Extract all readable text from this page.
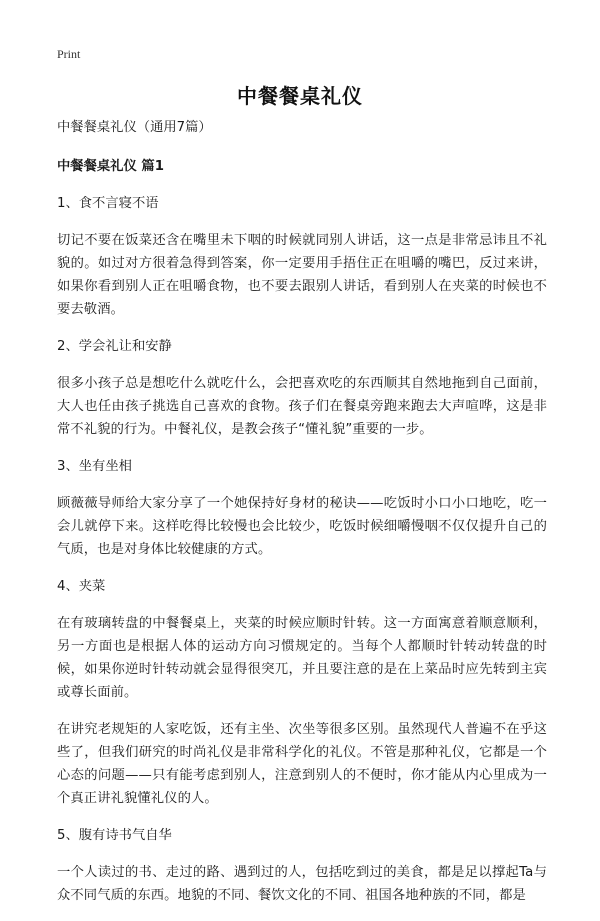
Print
中餐餐桌礼仪
中餐餐桌礼仪（通用7篇）
中餐餐桌礼仪 篇1
1、食不言寝不语
切记不要在饭菜还含在嘴里未下咽的时候就同别人讲话，这一点是非常忌讳且不礼貌的。如过对方很着急得到答案，你一定要用手捂住正在咀嚼的嘴巴，反过来讲，如果你看到别人正在咀嚼食物，也不要去跟别人讲话，看到别人在夹菜的时候也不要去敬酒。
2、学会礼让和安静
很多小孩子总是想吃什么就吃什么，会把喜欢吃的东西顺其自然地拖到自己面前，大人也任由孩子挑选自己喜欢的食物。孩子们在餐桌旁跑来跑去大声喧哗，这是非常不礼貌的行为。中餐礼仪，是教会孩子“懂礼貌”重要的一步。
3、坐有坐相
顾薇薇导师给大家分享了一个她保持好身材的秘诀——吃饭时小口小口地吃，吃一会儿就停下来。这样吃得比较慢也会比较少，吃饭时候细嚼慢咽不仅仅提升自己的气质，也是对身体比较健康的方式。
4、夹菜
在有玻璃转盘的中餐餐桌上，夹菜的时候应顺时针转。这一方面寓意着顺意顺利，另一方面也是根据人体的运动方向习惯规定的。当每个人都顺时针转动转盘的时候，如果你逆时针转动就会显得很突兀，并且要注意的是在上菜品时应先转到主宾或尊长面前。
在讲究老规矩的人家吃饭，还有主坐、次坐等很多区别。虽然现代人普遍不在乎这些了，但我们研究的时尚礼仪是非常科学化的礼仪。不管是那种礼仪，它都是一个心态的问题——只有能考虑到别人，注意到别人的不便时，你才能从内心里成为一个真正讲礼貌懂礼仪的人。
5、腹有诗书气自华
一个人读过的书、走过的路、遇到过的人，包括吃到过的美食，都是足以撑起Ta与众不同气质的东西。地貌的不同、餐饮文化的不同、祖国各地种族的不同，都是
